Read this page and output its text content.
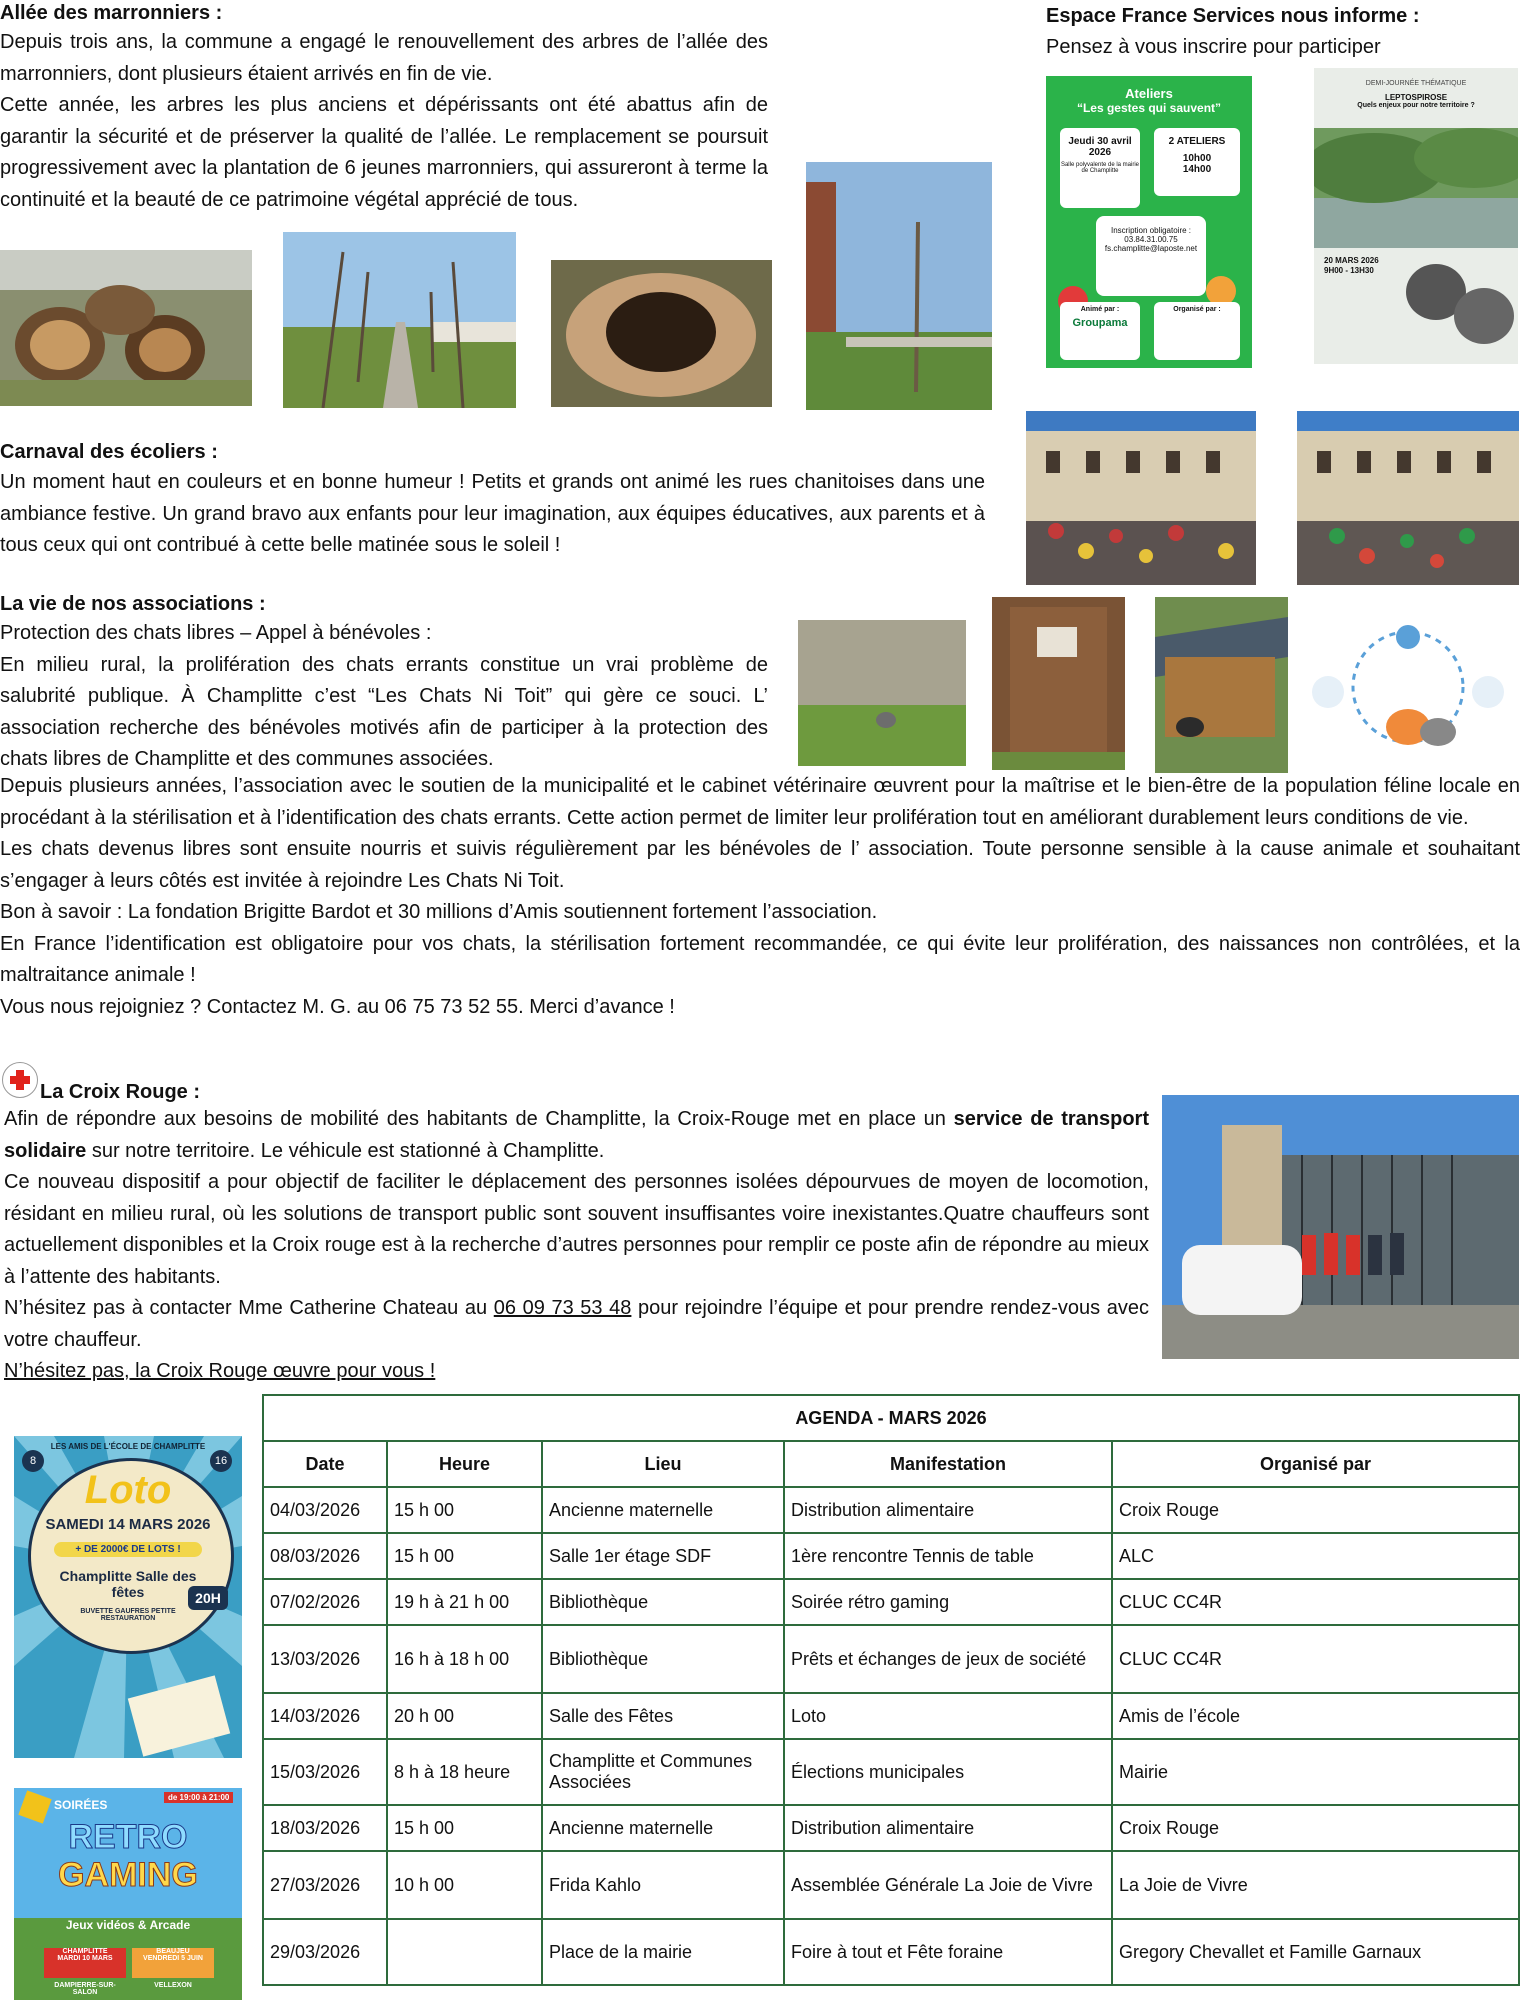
Allée des marronniers :

Depuis trois ans, la commune a engagé le renouvellement des arbres de l’allée des marronniers, dont plusieurs étaient arrivés en fin de vie.

Cette année, les arbres les plus anciens et dépérissants ont été abattus afin de garantir la sécurité et de préserver la qualité de l’allée. Le remplacement se poursuit progressivement avec la plantation de 6 jeunes marronniers, qui assureront à terme la continuité et la beauté de ce patrimoine végétal apprécié de tous.

Espace France Services nous informe :
Pensez à vous inscrire pour participer
Ateliers
“Les gestes qui sauvent”
Jeudi 30 avril 2026
Salle polyvalente de la mairie de Champlitte
2 ATELIERS
10h00
14h00
Inscription obligatoire :
03.84.31.00.75
fs.champlitte@laposte.net
Animé par :
Groupama
Organisé par :
DEMI-JOURNÉE THÉMATIQUE
LEPTOSPIROSE
Quels enjeux pour notre territoire ?
20 MARS 2026
9H00 - 13H30
Carnaval des écoliers :
Un moment haut en couleurs et en bonne humeur ! Petits et grands ont animé les rues chanitoises dans une ambiance festive. Un grand bravo aux enfants pour leur imagination, aux équipes éducatives, aux parents et à tous ceux qui ont contribué à cette belle matinée sous le soleil !
La vie de nos associations :

Protection des chats libres – Appel à bénévoles :

En milieu rural, la prolifération des chats errants constitue un vrai problème de salubrité publique. À Champlitte c’est “Les Chats Ni Toit” qui gère ce souci. L’ association recherche des bénévoles motivés afin de participer à la protection des chats libres de Champlitte et des communes associées.

Depuis plusieurs années, l’association avec le soutien de la municipalité et le cabinet vétérinaire œuvrent pour la maîtrise et le bien-être de la population féline locale en procédant à la stérilisation et à l’identification des chats errants. Cette action permet de limiter leur prolifération tout en améliorant durablement leurs conditions de vie.

Les chats devenus libres sont ensuite nourris et suivis régulièrement par les bénévoles de l’ association. Toute personne sensible à la cause animale et souhaitant s’engager à leurs côtés est invitée à rejoindre Les Chats Ni Toit.

Bon à savoir : La fondation Brigitte Bardot et 30 millions d’Amis soutiennent fortement l’association.

En France l’identification est obligatoire pour vos chats, la stérilisation fortement recommandée, ce qui évite leur prolifération, des naissances non contrôlées, et la maltraitance animale !

Vous nous rejoigniez ? Contactez M. G. au 06 75 73 52 55. Merci d’avance !

La Croix Rouge :

Afin de répondre aux besoins de mobilité des habitants de Champlitte, la Croix-Rouge met en place un service de transport solidaire sur notre territoire. Le véhicule est stationné à Champlitte.

Ce nouveau dispositif a pour objectif de faciliter le déplacement des personnes isolées dépourvues de moyen de locomotion, résidant en milieu rural, où les solutions de transport public sont souvent insuffisantes voire inexistantes.Quatre chauffeurs sont actuellement disponibles et la Croix rouge est à la recherche d’autres personnes pour remplir ce poste afin de répondre au mieux à l’attente des habitants.

N’hésitez pas à contacter Mme Catherine Chateau au 06 09 73 53 48 pour rejoindre l’équipe et pour prendre rendez-vous avec votre chauffeur.

N’hésitez pas, la Croix Rouge œuvre pour vous !

LES AMIS DE L'ÉCOLE DE CHAMPLITTE
Loto
SAMEDI 14 MARS 2026
+ DE 2000€ DE LOTS !
Champlitte Salle des fêtes	20H
BUVETTE GAUFRES PETITE RESTAURATION
8	16
SOIRÉES
de 19:00 à 21:00
RETRO
GAMING
Jeux vidéos & Arcade
CHAMPLITTE
MARDI 10 MARS
BEAUJEU
VENDREDI 5 JUIN
DAMPIERRE-SUR-SALON
VELLEXON
AGENDA - MARS 2026				
Date	Heure	Lieu	Manifestation	Organisé par
04/03/2026	15 h 00	Ancienne maternelle	Distribution alimentaire	Croix Rouge
08/03/2026	15 h 00	Salle 1er étage SDF	1ère rencontre Tennis de table	ALC
07/02/2026	19 h à 21 h 00	Bibliothèque	Soirée rétro gaming	CLUC CC4R
13/03/2026	16 h à 18 h 00	Bibliothèque	Prêts et échanges de jeux de société	CLUC CC4R
14/03/2026	20 h 00	Salle des Fêtes	Loto	Amis de l’école
15/03/2026	8 h à 18 heure	Champlitte et Communes Associées	Élections municipales	Mairie
18/03/2026	15 h 00	Ancienne maternelle	Distribution alimentaire	Croix Rouge
27/03/2026	10 h 00	Frida Kahlo	Assemblée Générale La Joie de Vivre	La Joie de Vivre
29/03/2026		Place de la mairie	Foire à tout et Fête foraine	Gregory Chevallet et Famille Garnaux
